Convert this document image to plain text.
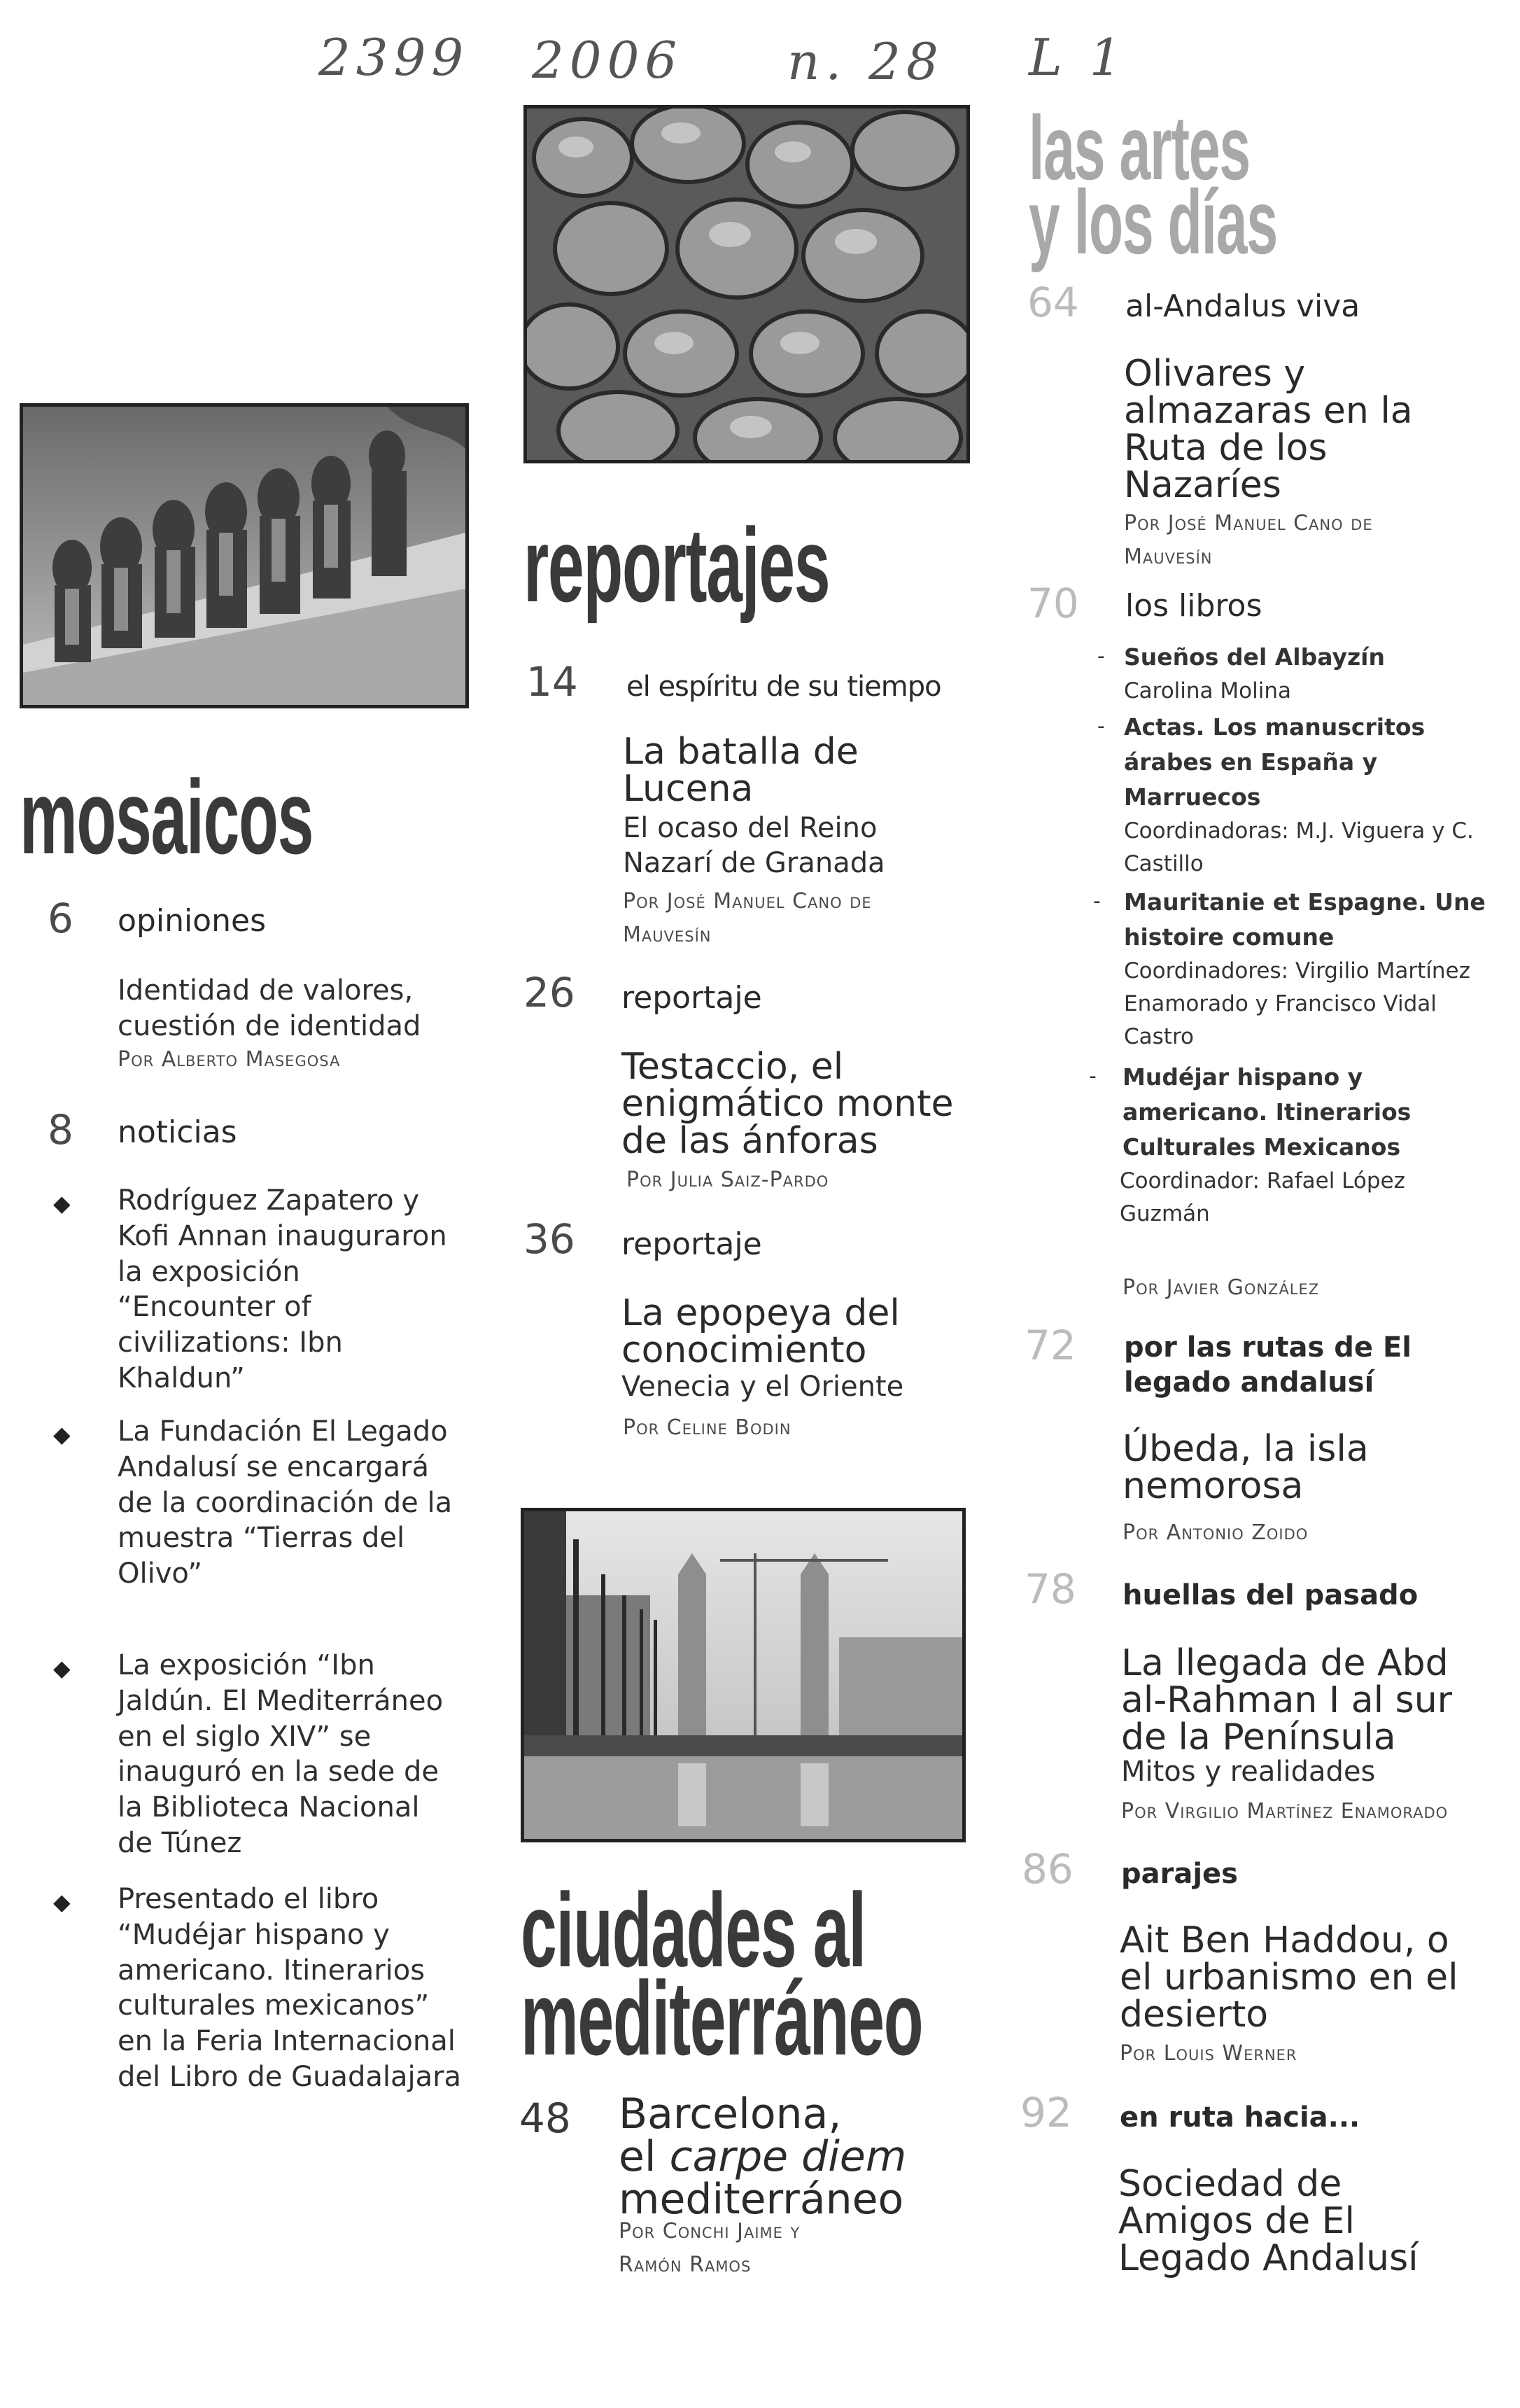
2399 2006 n. 28 L 1
mosaicos
6 opiniones
Identidad de valores, cuestión de identidad
Por Alberto Masegosa
8 noticias
◆ Rodríguez Zapatero y Kofi Annan inauguraron la exposición “Encounter of civilizations: Ibn Khaldun”
◆ La Fundación El Legado Andalusí se encargará de la coordinación de la muestra “Tierras del Olivo”
◆ La exposición “Ibn Jaldún. El Mediterráneo en el siglo XIV” se inauguró en la sede de la Biblioteca Nacional de Túnez
◆ Presentado el libro “Mudéjar hispano y americano. Itinerarios culturales mexicanos” en la Feria Internacional del Libro de Guadalajara
reportajes
14 el espíritu de su tiempo
La batalla de Lucena
El ocaso del Reino Nazarí de Granada
Por José Manuel Cano de Mauvesín
26 reportaje
Testaccio, el enigmático monte de las ánforas
Por Julia Saiz-Pardo
36 reportaje
La epopeya del conocimiento
Venecia y el Oriente
Por Celine Bodin
ciudades al
mediterráneo
48 Barcelona,
el carpe diem
mediterráneo
Por Conchi Jaime y Ramón Ramos
las artes
y los días
64 al-Andalus viva
Olivares y almazaras en la Ruta de los Nazaríes
Por José Manuel Cano de Mauvesín
70 los libros
- Sueños del Albayzín
Carolina Molina
- Actas. Los manuscritos árabes en España y Marruecos
Coordinadoras: M.J. Viguera y C. Castillo
- Mauritanie et Espagne. Une histoire comune
Coordinadores: Virgilio Martínez Enamorado y Francisco Vidal Castro
- Mudéjar hispano y americano. Itinerarios Culturales Mexicanos
Coordinador: Rafael López Guzmán
Por Javier González
72 por las rutas de El legado andalusí
Úbeda, la isla nemorosa
Por Antonio Zoido
78 huellas del pasado
La llegada de Abd al-Rahman I al sur de la Península
Mitos y realidades
Por Virgilio Martínez Enamorado
86 parajes
Ait Ben Haddou, o el urbanismo en el desierto
Por Louis Werner
92 en ruta hacia...
Sociedad de Amigos de El Legado Andalusí
